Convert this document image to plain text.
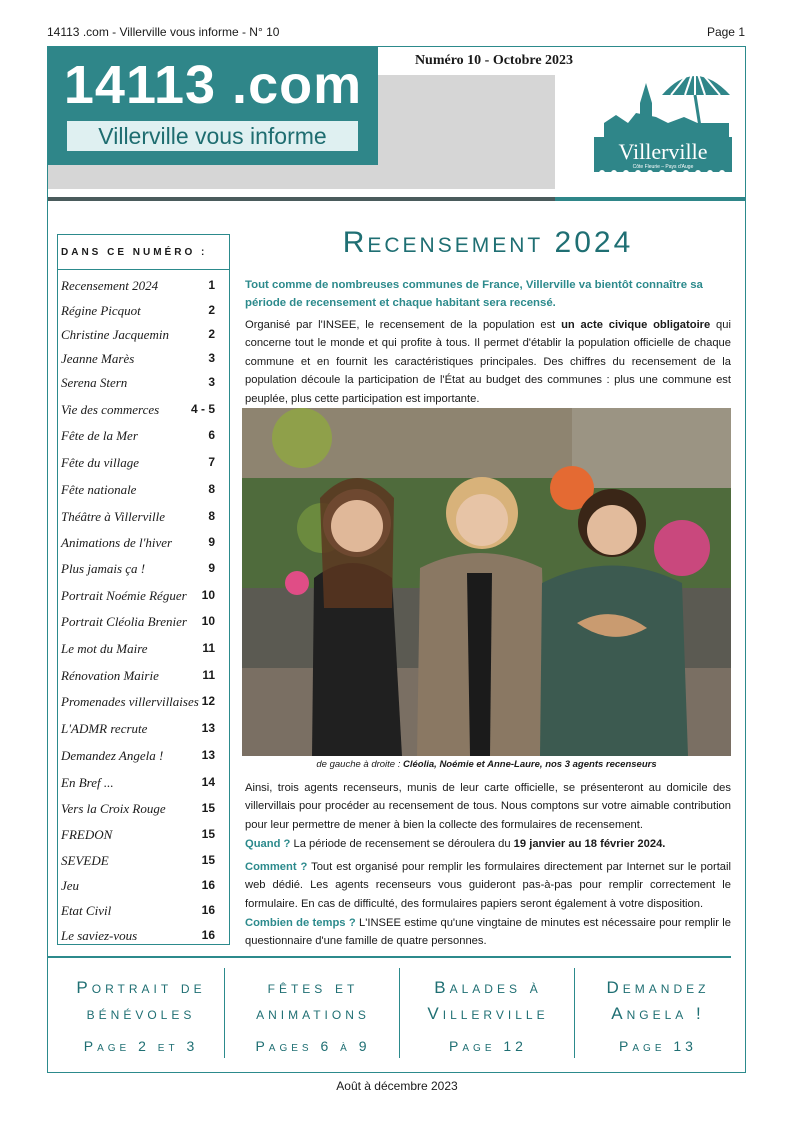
14113 .com - Villerville vous informe - N° 10	Page 1
14113 .com
Villerville vous informe
Numéro 10 - Octobre 2023
Villerville
Côte Fleurie – Pays d'Auge
DANS CE NUMÉRO :
Recensement 2024	1
Régine Picquot	2
Christine Jacquemin	2
Jeanne Marès	3
Serena Stern	3
Vie des commerces	4 - 5
Fête de la Mer	6
Fête du village	7
Fête nationale	8
Théâtre à Villerville	8
Animations de l'hiver	9
Plus jamais ça !	9
Portrait Noémie Réguer 10
Portrait Cléolia Brenier 10
Le mot du Maire	11
Rénovation Mairie	11
Promenades villervillaises 12
L'ADMR recrute	13
Demandez Angela !	13
En Bref ...	14
Vers la Croix Rouge	15
FREDON	15
SEVEDE	15
Jeu	16
Etat Civil	16
Le saviez-vous	16
Recensement 2024
Tout comme de nombreuses communes de France, Villerville va bientôt connaître sa période de recensement et chaque habitant sera recensé.
Organisé par l'INSEE, le recensement de la population est un acte civique obligatoire qui concerne tout le monde et qui profite à tous. Il permet d'établir la population officielle de chaque commune et en fournit les caractéristiques principales. Des chiffres du recensement de la population découle la participation de l'État au budget des communes : plus une commune est peuplée, plus cette participation est importante.
de gauche à droite : Cléolia, Noémie et Anne-Laure, nos 3 agents recenseurs
Ainsi, trois agents recenseurs, munis de leur carte officielle, se présenteront au domicile des villervillais pour procéder au recensement de tous. Nous comptons sur votre aimable contribution pour leur permettre de mener à bien la collecte des formulaires de recensement.
Quand ? La période de recensement se déroulera du 19 janvier au 18 février 2024.
Comment ? Tout est organisé pour remplir les formulaires directement par Internet sur le portail web dédié. Les agents recenseurs vous guideront pas-à-pas pour remplir correctement le formulaire. En cas de difficulté, des formulaires papiers seront également à votre disposition.
Combien de temps ? L'INSEE estime qu'une vingtaine de minutes est nécessaire pour remplir le questionnaire d'une famille de quatre personnes.
Portrait de
bénévoles
Page 2 et 3
fêtes et
animations
Pages 6 à 9
Balades à
Villerville
Page 12
Demandez
Angela !
Page 13
Août à décembre 2023
